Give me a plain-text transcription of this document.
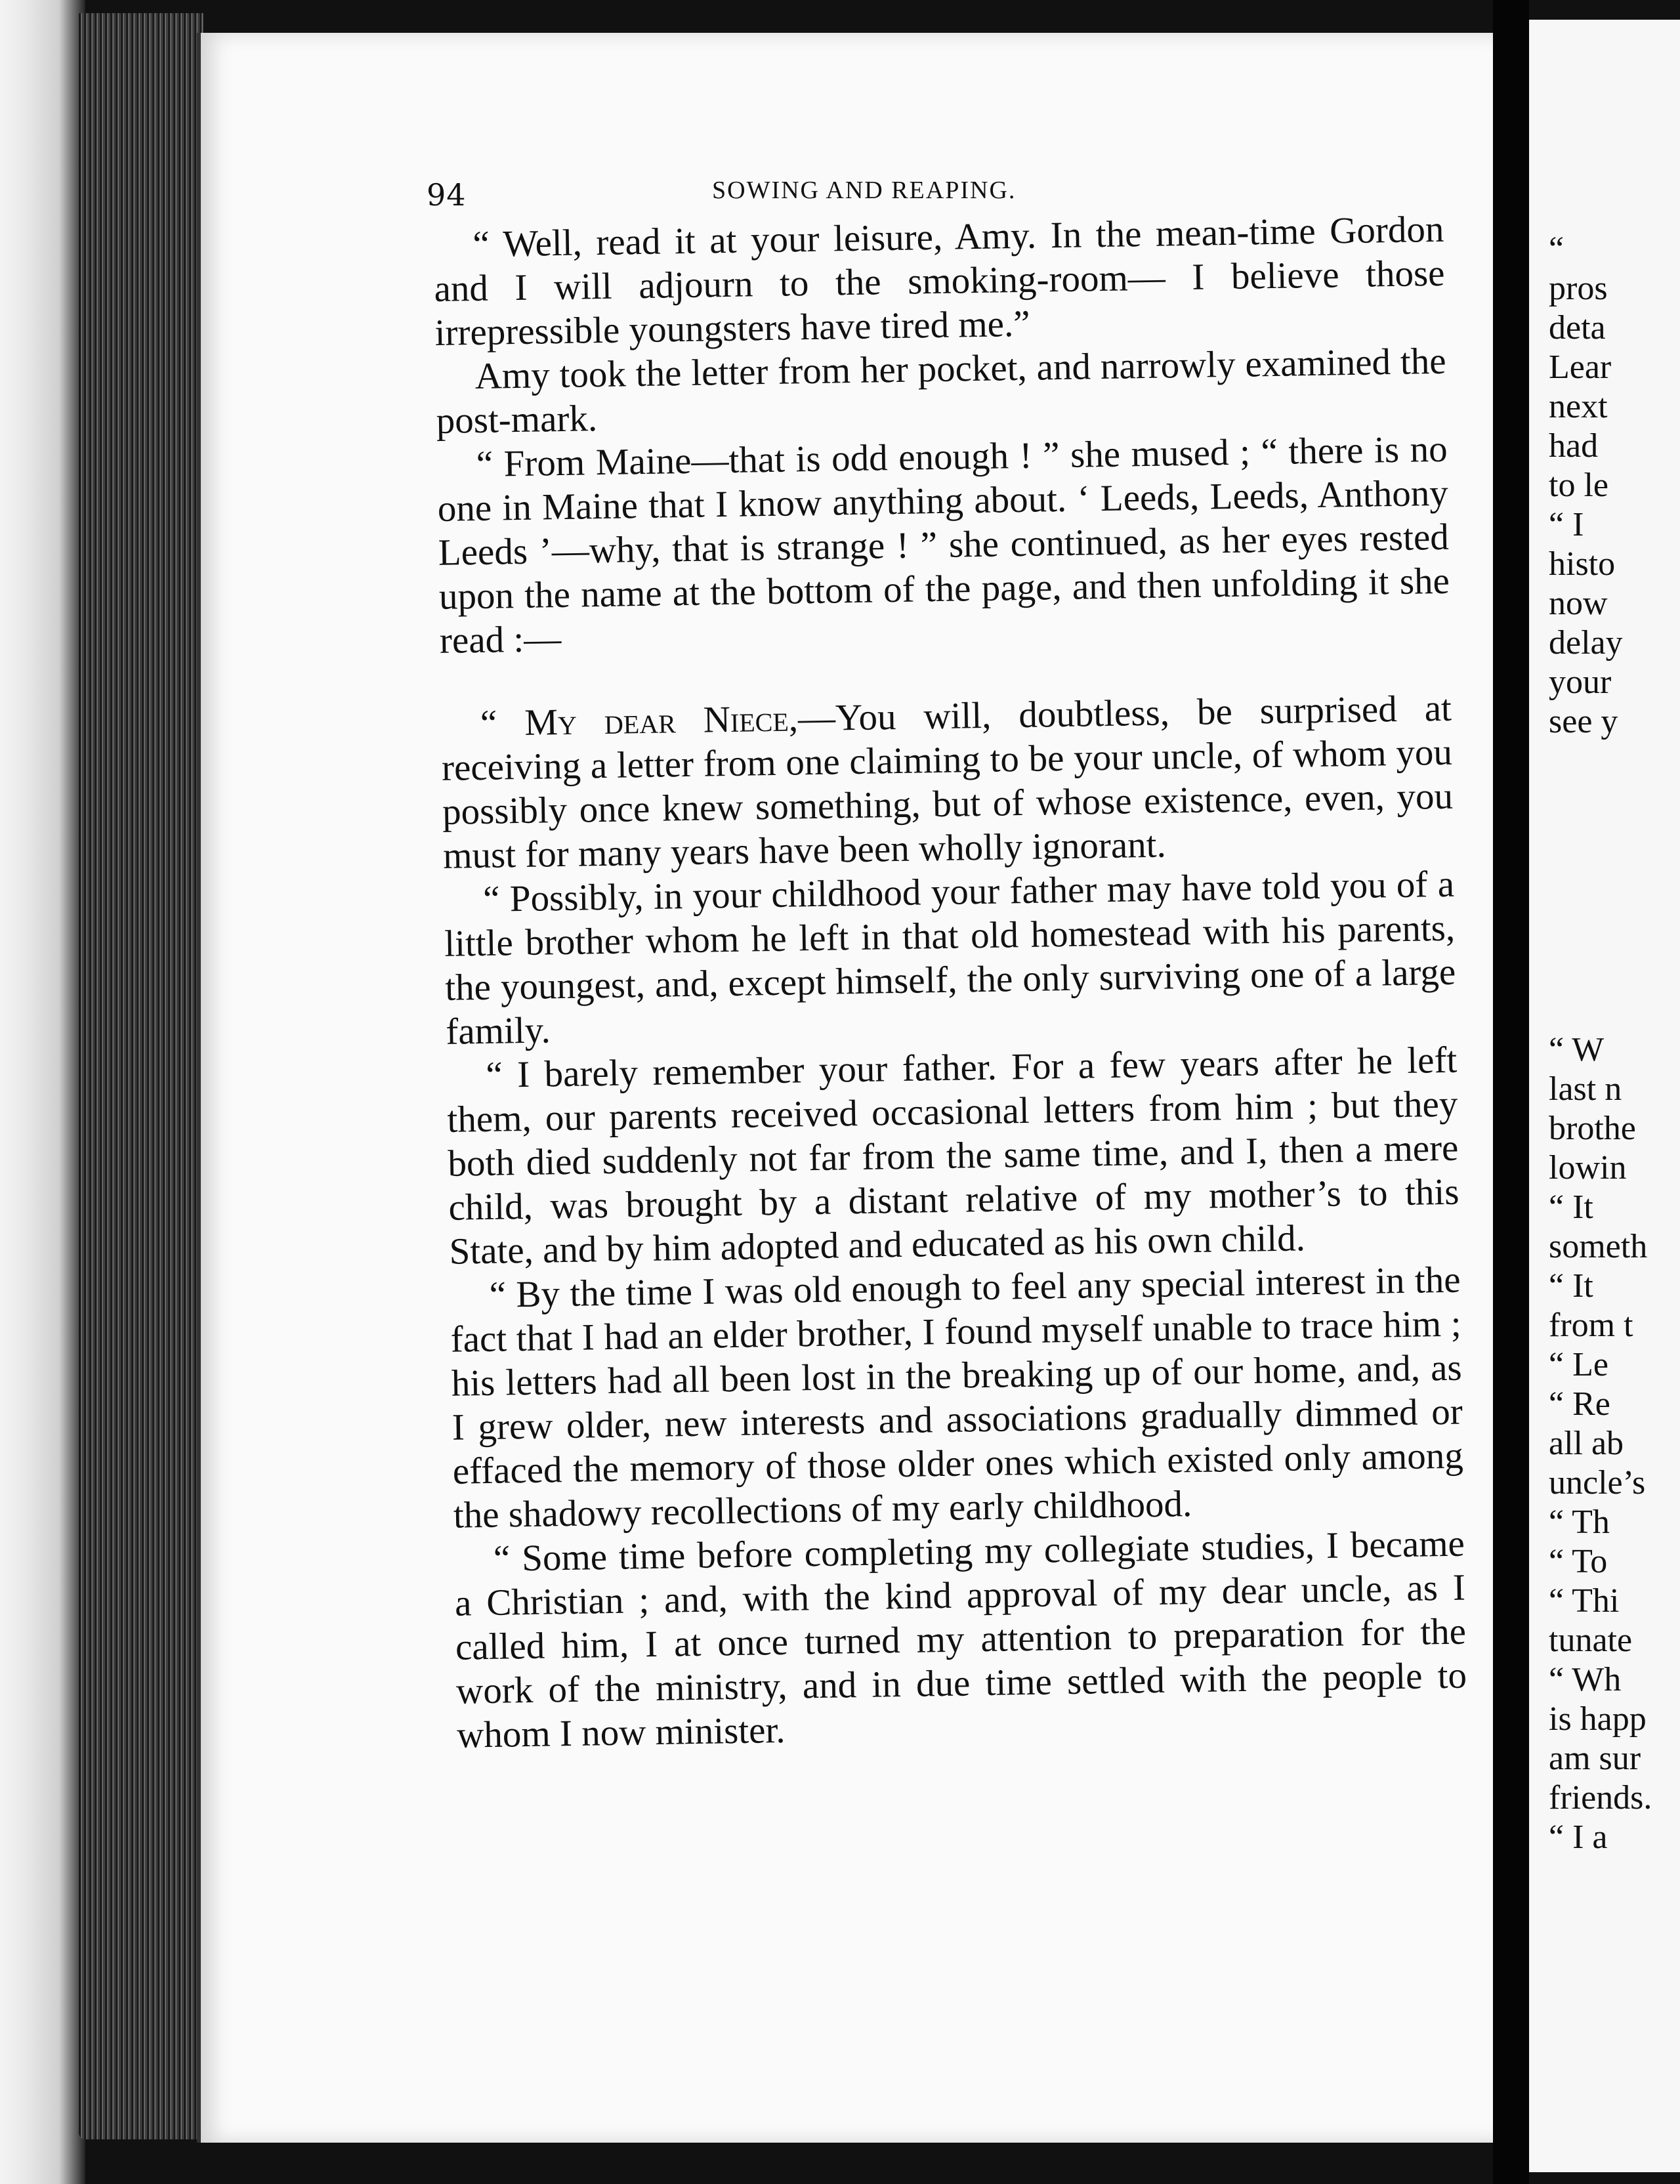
94	SOWING AND REAPING.

“ Well, read it at your leisure, Amy. In the mean-time Gordon and I will adjourn to the smoking-room— I believe those irrepressible youngsters have tired me.”

Amy took the letter from her pocket, and narrowly examined the post-mark.

“ From Maine—that is odd enough ! ” she mused ; “ there is no one in Maine that I know anything about. ‘ Leeds, Leeds, Anthony Leeds ’—why, that is strange ! ” she continued, as her eyes rested upon the name at the bottom of the page, and then unfolding it she read :—

“ My dear Niece,—You will, doubtless, be surprised at receiving a letter from one claiming to be your uncle, of whom you possibly once knew something, but of whose existence, even, you must for many years have been wholly ignorant.

“ Possibly, in your childhood your father may have told you of a little brother whom he left in that old homestead with his parents, the youngest, and, except himself, the only surviving one of a large family.

“ I barely remember your father. For a few years after he left them, our parents received occasional letters from him ; but they both died suddenly not far from the same time, and I, then a mere child, was brought by a distant relative of my mother’s to this State, and by him adopted and educated as his own child.

“ By the time I was old enough to feel any special interest in the fact that I had an elder brother, I found myself unable to trace him ; his letters had all been lost in the breaking up of our home, and, as I grew older, new interests and associations gradually dimmed or effaced the memory of those older ones which existed only among the shadowy recollections of my early childhood.

“ Some time before completing my collegiate studies, I became a Christian ; and, with the kind approval of my dear uncle, as I called him, I at once turned my attention to preparation for the work of the ministry, and in due time settled with the people to whom I now minister.

“
pros
deta
Lear
next
had
to le
“ I
histo
now
delay
your
see y
“ W
last n
brothe
lowin
“ It
someth
“ It
from t
“ Le
“ Re
all ab
uncle’s
“ Th
“ To
“ Thi
tunate
“ Wh
is happ
am sur
friends.
“ I a
